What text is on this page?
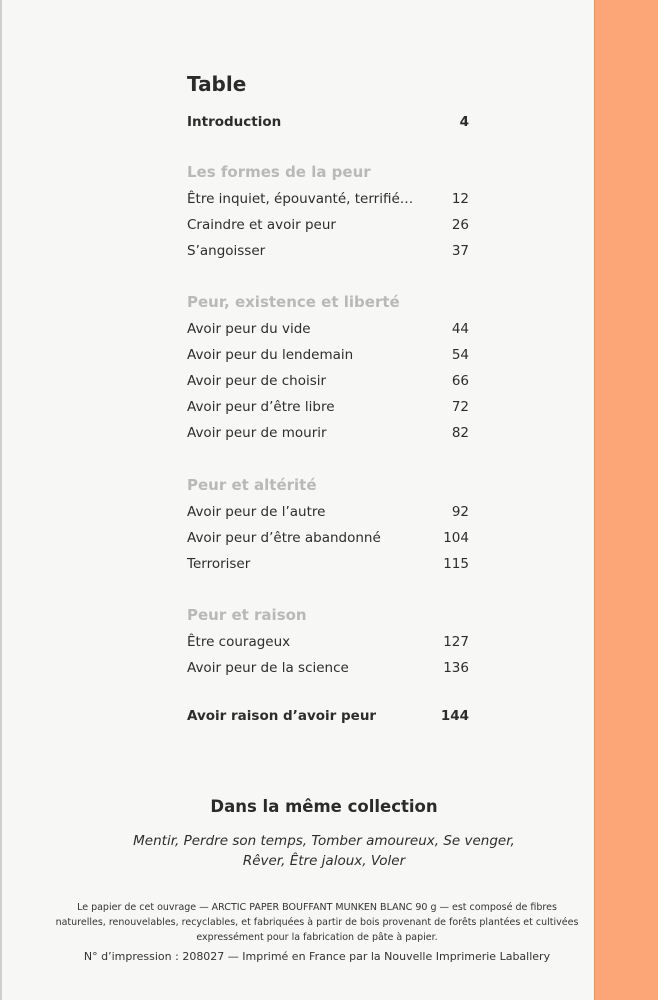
Table
Introduction	4
Les formes de la peur
Être inquiet, épouvanté, terrifié…	12
Craindre et avoir peur	26
S’angoisser	37
Peur, existence et liberté
Avoir peur du vide	44
Avoir peur du lendemain	54
Avoir peur de choisir	66
Avoir peur d’être libre	72
Avoir peur de mourir	82
Peur et altérité
Avoir peur de l’autre	92
Avoir peur d’être abandonné	104
Terroriser	115
Peur et raison
Être courageux	127
Avoir peur de la science	136
Avoir raison d’avoir peur	144
Dans la même collection
Mentir, Perdre son temps, Tomber amoureux, Se venger,
Rêver, Être jaloux, Voler
Le papier de cet ouvrage — ARCTIC PAPER BOUFFANT MUNKEN BLANC 90 g — est composé de fibres
naturelles, renouvelables, recyclables, et fabriquées à partir de bois provenant de forêts plantées et cultivées
expressément pour la fabrication de pâte à papier.
N° d’impression : 208027 — Imprimé en France par la Nouvelle Imprimerie Laballery
